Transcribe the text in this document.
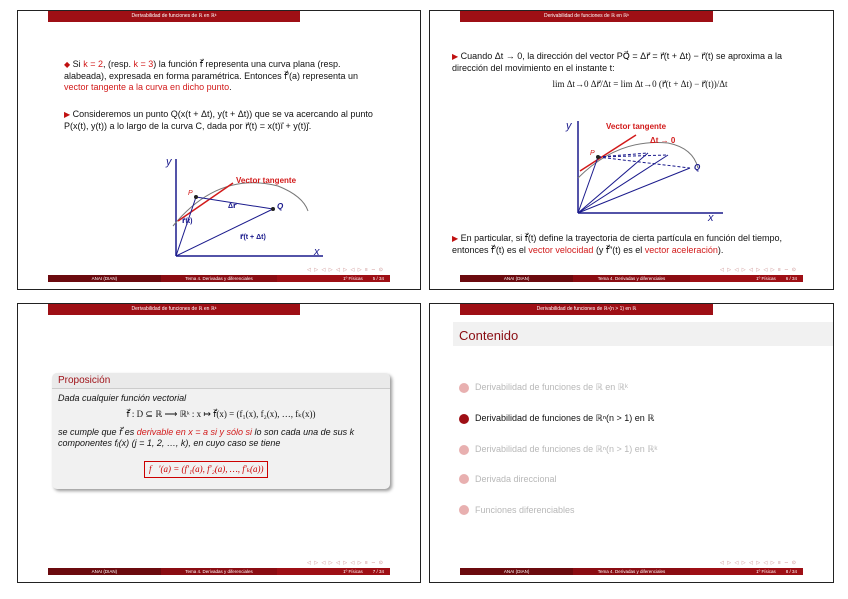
Derivabilidad de funciones de ℝ en ℝᵏ
◆ Si k = 2, (resp. k = 3) la función f⃗ representa una curva plana (resp. alabeada), expresada en forma paramétrica. Entonces f⃗′(a) representa un vector tangente a la curva en dicho punto.
▶ Consideremos un punto Q(x(t + Δt), y(t + Δt)) que se va acercando al punto P(x(t), y(t)) a lo largo de la curva C, dada por r⃗(t) = x(t)i⃗ + y(t)j⃗.
y
x
Vector tangente
P
Q
Δr⃗
r⃗(t)
r⃗(t + Δt)
◁ ▷ ◁ ▷ ◁ ▷ ◁ ▷ ≡ ∽ ⊙
ANAI (DIAN)	Tema 4. Derivadas y diferenciales	1º Físicas 5 / 34
Derivabilidad de funciones de ℝ en ℝᵏ
▶ Cuando Δt → 0, la dirección del vector PQ⃗ = Δr⃗ = r⃗(t + Δt) − r⃗(t) se aproxima a la dirección del movimiento en el instante t:
lim Δt→0 Δr⃗/Δt = lim Δt→0 (r⃗(t + Δt) − r⃗(t))/Δt
y
x
Vector tangente
Δt → 0
P
Q
▶ En particular, si f⃗(t) define la trayectoria de cierta partícula en función del tiempo, entonces f⃗′(t) es el vector velocidad (y f⃗″(t) es el vector aceleración).
◁ ▷ ◁ ▷ ◁ ▷ ◁ ▷ ≡ ∽ ⊙
ANAI (DIAN)	Tema 4. Derivadas y diferenciales	1º Físicas 6 / 34
Derivabilidad de funciones de ℝ en ℝᵏ
◁ ▷ ◁ ▷ ◁ ▷ ◁ ▷ ≡ ∽ ⊙
ANAI (DIAN)	Tema 4. Derivadas y diferenciales	1º Físicas 7 / 34
Proposición
Dada cualquier función vectorial
f⃗ : D ⊆ ℝ ⟶ ℝᵏ : x ↦ f⃗(x) = (f₁(x), f₂(x), …, fₖ(x))
se cumple que f⃗ es derivable en x = a si y sólo si lo son cada una de sus k componentes fⱼ(x) (j = 1, 2, …, k), en cuyo caso se tiene
f⃗′(a) = (f′₁(a), f′₂(a), …, f′ₖ(a))
Derivabilidad de funciones de ℝⁿ(n > 1) en ℝ
◁ ▷ ◁ ▷ ◁ ▷ ◁ ▷ ≡ ∽ ⊙
ANAI (DIAN)	Tema 4. Derivadas y diferenciales	1º Físicas 8 / 34
Contenido
Derivabilidad de funciones de ℝ en ℝᵏ
Derivabilidad de funciones de ℝⁿ(n > 1) en ℝ
Derivabilidad de funciones de ℝⁿ(n > 1) en ℝᵏ
Derivada direccional
Funciones diferenciables
